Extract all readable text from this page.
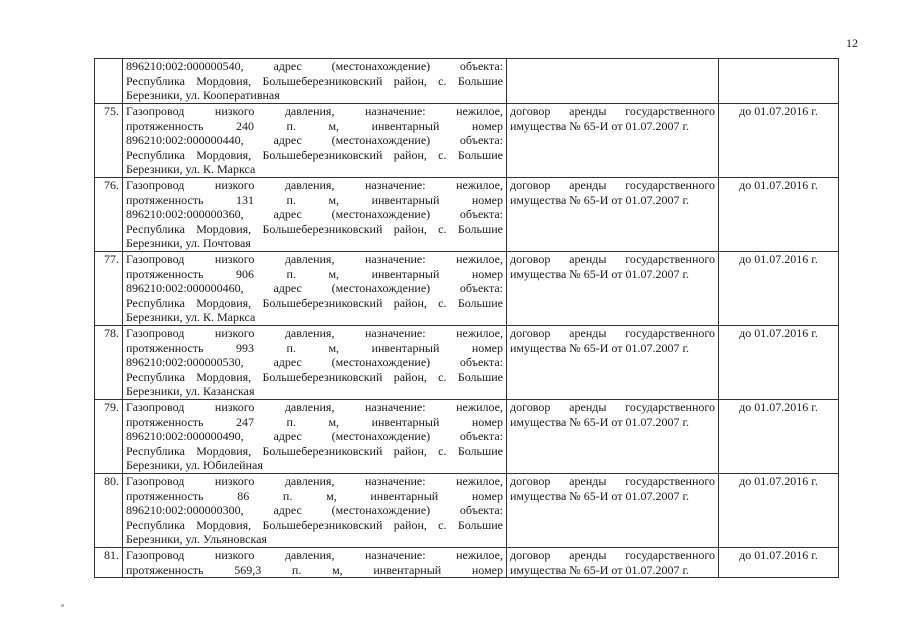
12

	896210:002:000000540, адрес (местонахождение) объекта:
Республика Мордовия, Большеберезниковский район, с. Большие
Березники, ул. Кооперативная		

75.	Газопровод низкого давления, назначение: нежилое,
протяженность 240 п. м, инвентарный номер
896210:002:000000440, адрес (местонахождение) объекта:
Республика Мордовия, Большеберезниковский район, с. Большие
Березники, ул. К. Маркса	договор аренды государственного
имущества № 65-И от 01.07.2007 г.	до 01.07.2016 г.
76.	Газопровод низкого давления, назначение: нежилое,
протяженность 131 п. м, инвентарный номер
896210:002:000000360, адрес (местонахождение) объекта:
Республика Мордовия, Большеберезниковский район, с. Большие
Березники, ул. Почтовая	договор аренды государственного
имущества № 65-И от 01.07.2007 г.	до 01.07.2016 г.
77.	Газопровод низкого давления, назначение: нежилое,
протяженность 906 п. м, инвентарный номер
896210:002:000000460, адрес (местонахождение) объекта:
Республика Мордовия, Большеберезниковский район, с. Большие
Березники, ул. К. Маркса	договор аренды государственного
имущества № 65-И от 01.07.2007 г.	до 01.07.2016 г.
78.	Газопровод низкого давления, назначение: нежилое,
протяженность 993 п. м, инвентарный номер
896210:002:000000530, адрес (местонахождение) объекта:
Республика Мордовия, Большеберезниковский район, с. Большие
Березники, ул. Казанская	договор аренды государственного
имущества № 65-И от 01.07.2007 г.	до 01.07.2016 г.
79.	Газопровод низкого давления, назначение: нежилое,
протяженность 247 п. м, инвентарный номер
896210:002:000000490, адрес (местонахождение) объекта:
Республика Мордовия, Большеберезниковский район, с. Большие
Березники, ул. Юбилейная	договор аренды государственного
имущества № 65-И от 01.07.2007 г.	до 01.07.2016 г.
80.	Газопровод низкого давления, назначение: нежилое,
протяженность 86 п. м, инвентарный номер
896210:002:000000300, адрес (местонахождение) объекта:
Республика Мордовия, Большеберезниковский район, с. Большие
Березники, ул. Ульяновская	договор аренды государственного
имущества № 65-И от 01.07.2007 г.	до 01.07.2016 г.
81.	Газопровод низкого давления, назначение: нежилое,
протяженность 569,3 п. м, инвентарный номер	договор аренды государственного
имущества № 65-И от 01.07.2007 г.	до 01.07.2016 г.
